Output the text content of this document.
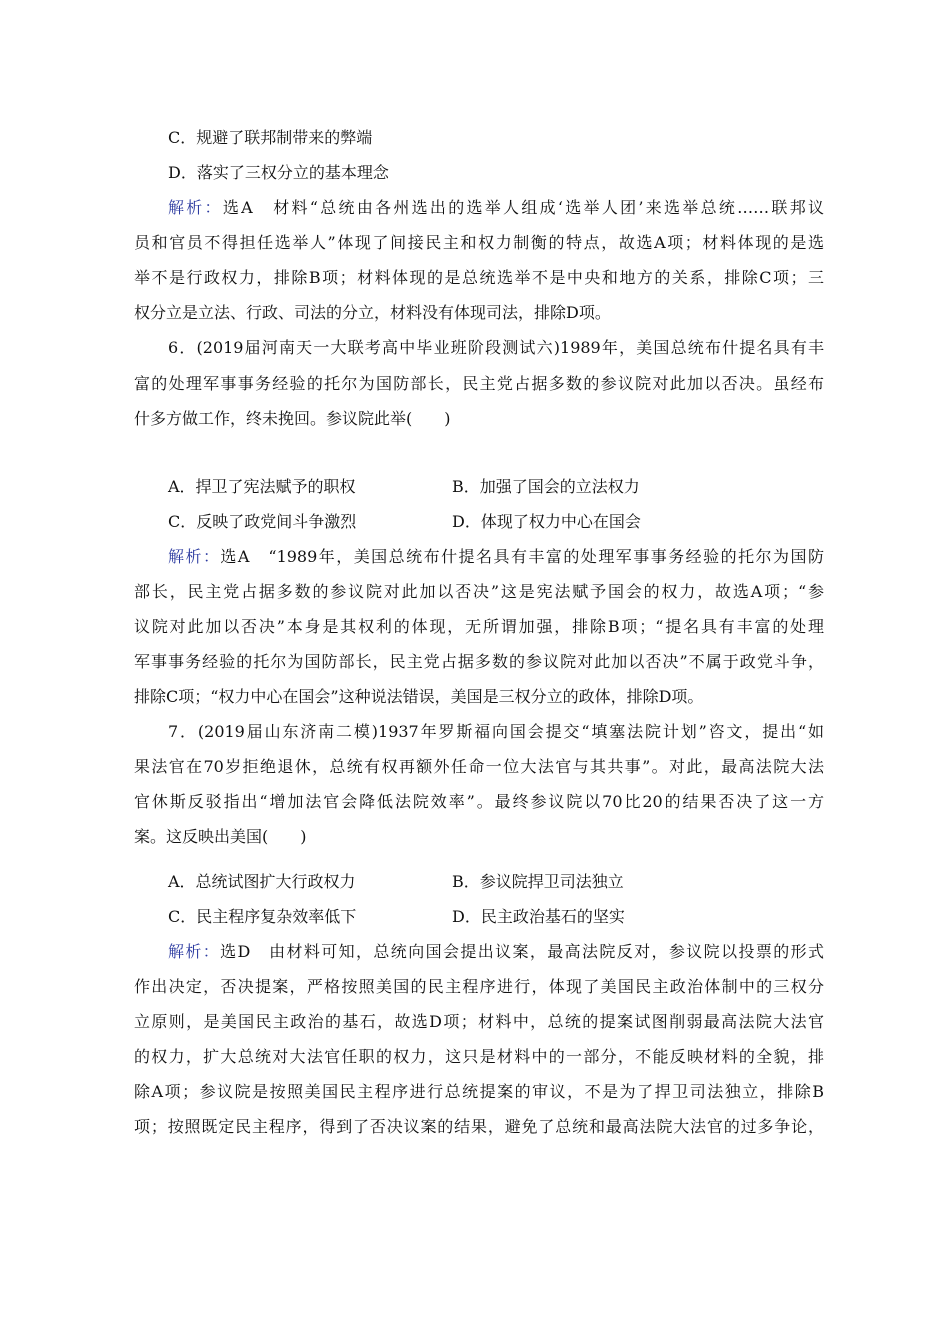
C．规避了联邦制带来的弊端
D．落实了三权分立的基本理念
解析：选A　材料“总统由各州选出的选举人组成‘选举人团’来选举总统……联邦议
员和官员不得担任选举人”体现了间接民主和权力制衡的特点，故选A项；材料体现的是选
举不是行政权力，排除B项；材料体现的是总统选举不是中央和地方的关系，排除C项；三
权分立是立法、行政、司法的分立，材料没有体现司法，排除D项。
6．(2019届河南天一大联考高中毕业班阶段测试六)1989年，美国总统布什提名具有丰
富的处理军事事务经验的托尔为国防部长，民主党占据多数的参议院对此加以否决。虽经布
什多方做工作，终未挽回。参议院此举(　　)
A．捍卫了宪法赋予的职权	B．加强了国会的立法权力
C．反映了政党间斗争激烈	D．体现了权力中心在国会
解析：选A　“1989年，美国总统布什提名具有丰富的处理军事事务经验的托尔为国防
部长，民主党占据多数的参议院对此加以否决”这是宪法赋予国会的权力，故选A项；“参
议院对此加以否决”本身是其权利的体现，无所谓加强，排除B项；“提名具有丰富的处理
军事事务经验的托尔为国防部长，民主党占据多数的参议院对此加以否决”不属于政党斗争，
排除C项；“权力中心在国会”这种说法错误，美国是三权分立的政体，排除D项。
7．(2019届山东济南二模)1937年罗斯福向国会提交“填塞法院计划”咨文，提出“如
果法官在70岁拒绝退休，总统有权再额外任命一位大法官与其共事”。对此，最高法院大法
官休斯反驳指出“增加法官会降低法院效率”。最终参议院以70比20的结果否决了这一方
案。这反映出美国(　　)
A．总统试图扩大行政权力	B．参议院捍卫司法独立
C．民主程序复杂效率低下	D．民主政治基石的坚实
解析：选D　由材料可知，总统向国会提出议案，最高法院反对，参议院以投票的形式
作出决定，否决提案，严格按照美国的民主程序进行，体现了美国民主政治体制中的三权分
立原则，是美国民主政治的基石，故选D项；材料中，总统的提案试图削弱最高法院大法官
的权力，扩大总统对大法官任职的权力，这只是材料中的一部分，不能反映材料的全貌，排
除A项；参议院是按照美国民主程序进行总统提案的审议，不是为了捍卫司法独立，排除B
项；按照既定民主程序，得到了否决议案的结果，避免了总统和最高法院大法官的过多争论，
